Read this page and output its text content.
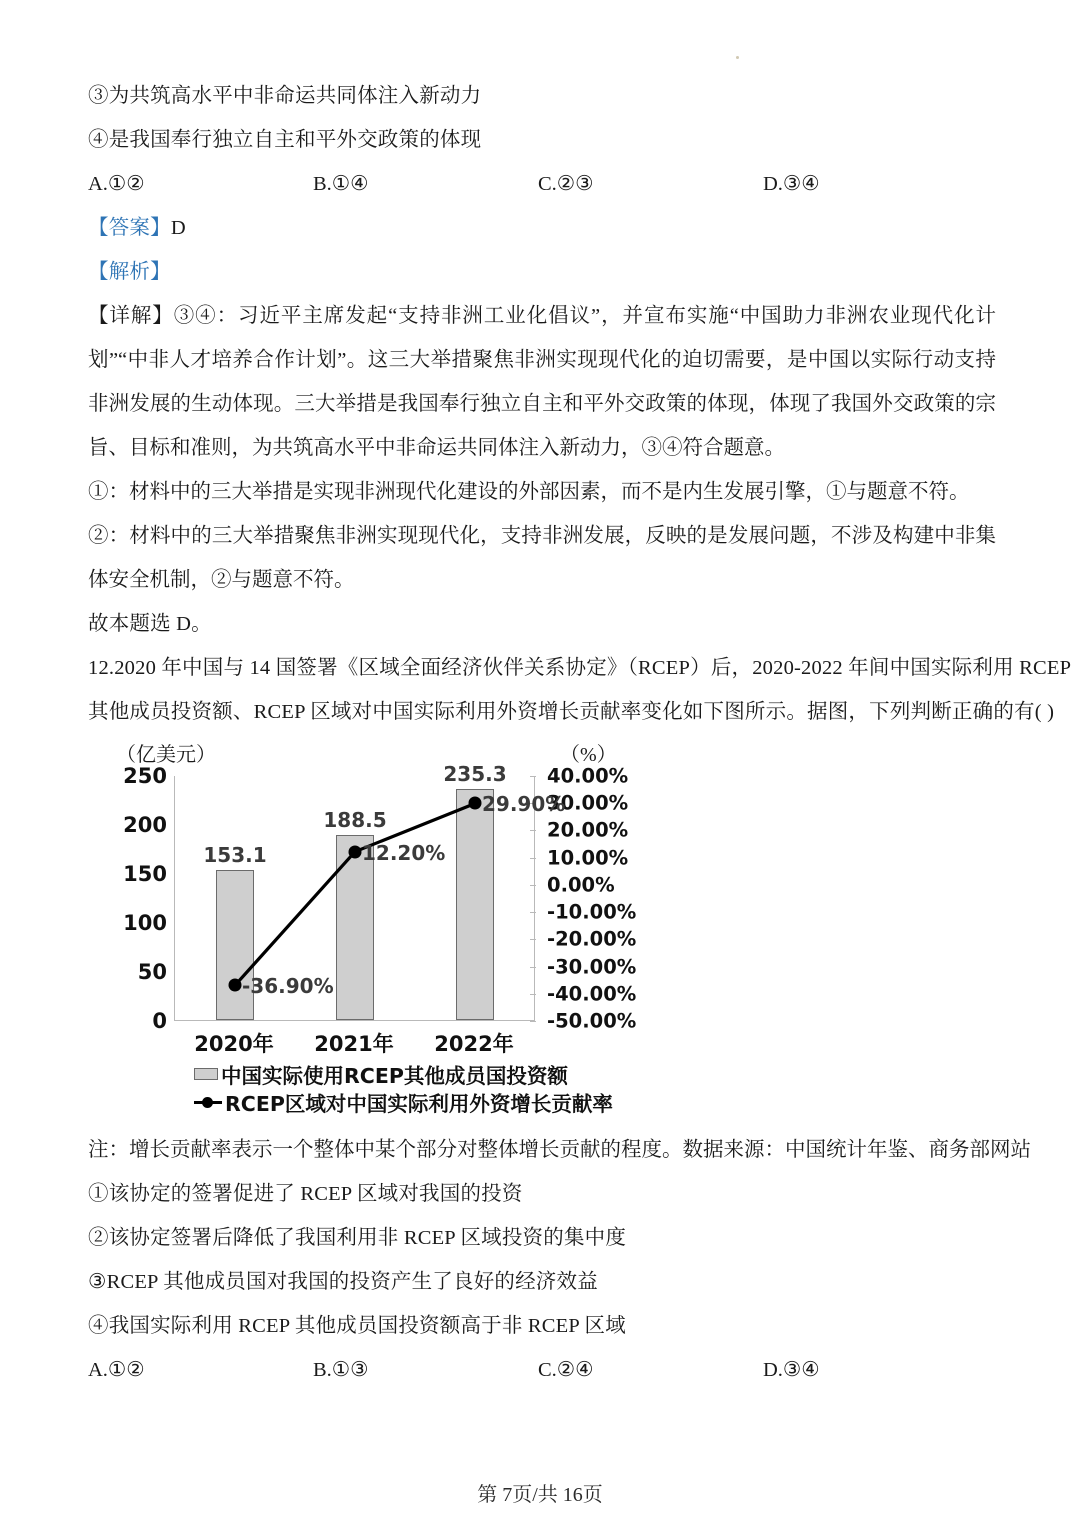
③为共筑高水平中非命运共同体注入新动力
④是我国奉行独立自主和平外交政策的体现
A.①②	B.①④	C.②③	D.③④
【答案】D
【解析】
【详解】③④：习近平主席发起“支持非洲工业化倡议”，并宣布实施“中国助力非洲农业现代化计划”“中非人才培养合作计划”。这三大举措聚焦非洲实现现代化的迫切需要，是中国以实际行动支持非洲发展的生动体现。三大举措是我国奉行独立自主和平外交政策的体现，体现了我国外交政策的宗旨、目标和准则，为共筑高水平中非命运共同体注入新动力，③④符合题意。
①：材料中的三大举措是实现非洲现代化建设的外部因素，而不是内生发展引擎，①与题意不符。
②：材料中的三大举措聚焦非洲实现现代化，支持非洲发展，反映的是发展问题，不涉及构建中非集体安全机制，②与题意不符。
故本题选 D。
12.2020 年中国与 14 国签署《区域全面经济伙伴关系协定》（RCEP）后，2020-2022 年间中国实际利用 RCEP
其他成员投资额、RCEP 区域对中国实际利用外资增长贡献率变化如下图所示。据图，下列判断正确的有( )
（亿美元）	（%）
250
200
150
100
50
0
153.1
188.5
235.3
-36.90%
12.20%
29.90%
40.00%
30.00%
20.00%
10.00%
0.00%
-10.00%
-20.00%
-30.00%
-40.00%
-50.00%
2020年 2021年 2022年
中国实际使用RCEP其他成员国投资额
RCEP区域对中国实际利用外资增长贡献率
注：增长贡献率表示一个整体中某个部分对整体增长贡献的程度。数据来源：中国统计年鉴、商务部网站
①该协定的签署促进了 RCEP 区域对我国的投资
②该协定签署后降低了我国利用非 RCEP 区域投资的集中度
③RCEP 其他成员国对我国的投资产生了良好的经济效益
④我国实际利用 RCEP 其他成员国投资额高于非 RCEP 区域
A.①②	B.①③	C.②④	D.③④
第 7页/共 16页
